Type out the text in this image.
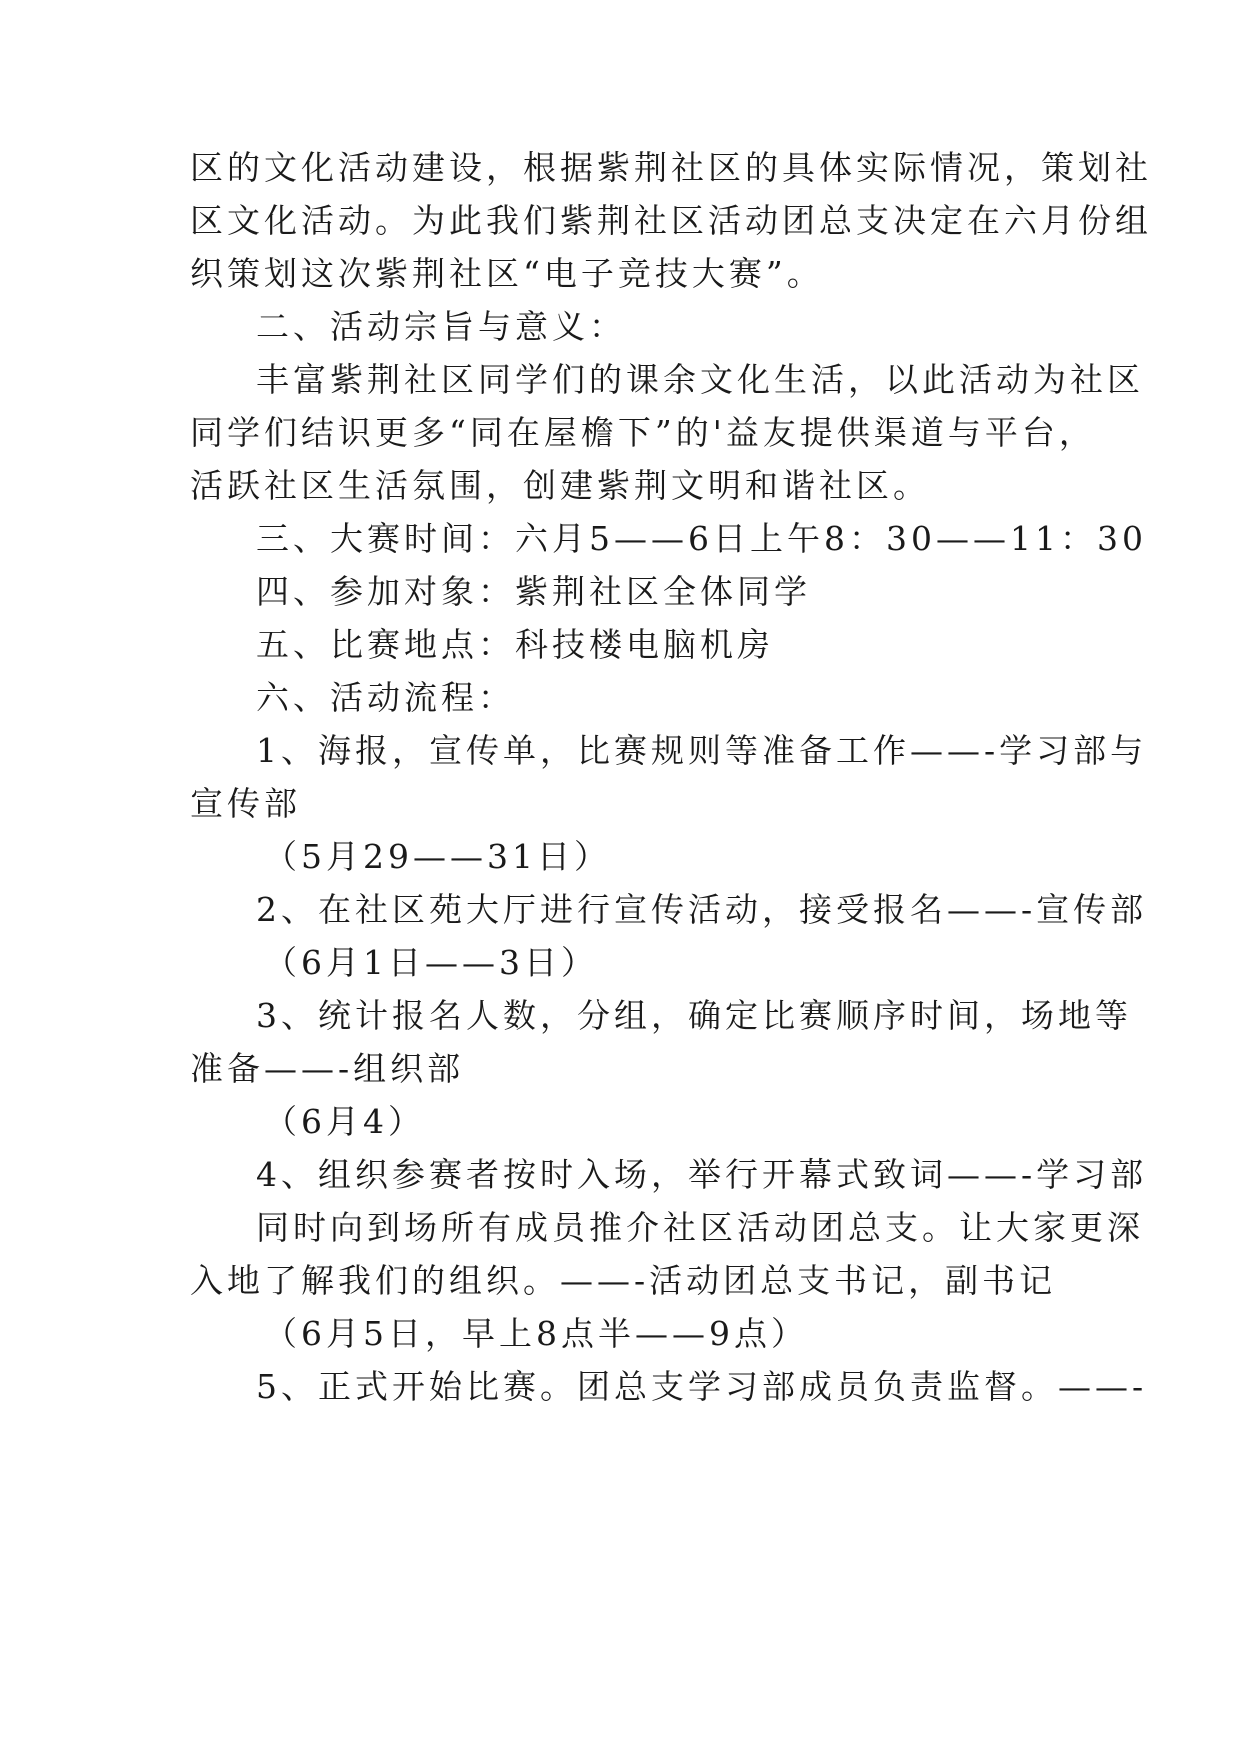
区的文化活动建设，根据紫荆社区的具体实际情况，策划社
区文化活动。为此我们紫荆社区活动团总支决定在六月份组
织策划这次紫荆社区“电子竞技大赛”。
二、活动宗旨与意义：
丰富紫荆社区同学们的课余文化生活，以此活动为社区
同学们结识更多“同在屋檐下”的'益友提供渠道与平台，
活跃社区生活氛围，创建紫荆文明和谐社区。
三、大赛时间：六月5——6日上午8：30——11：30
四、参加对象：紫荆社区全体同学
五、比赛地点：科技楼电脑机房
六、活动流程：
1、海报，宣传单，比赛规则等准备工作——-学习部与
宣传部
（5月29——31日）
2、在社区苑大厅进行宣传活动，接受报名——-宣传部
（6月1日——3日）
3、统计报名人数，分组，确定比赛顺序时间，场地等
准备——-组织部
（6月4）
4、组织参赛者按时入场，举行开幕式致词——-学习部
同时向到场所有成员推介社区活动团总支。让大家更深
入地了解我们的组织。——-活动团总支书记，副书记
（6月5日，早上8点半——9点）
5、正式开始比赛。团总支学习部成员负责监督。——-
